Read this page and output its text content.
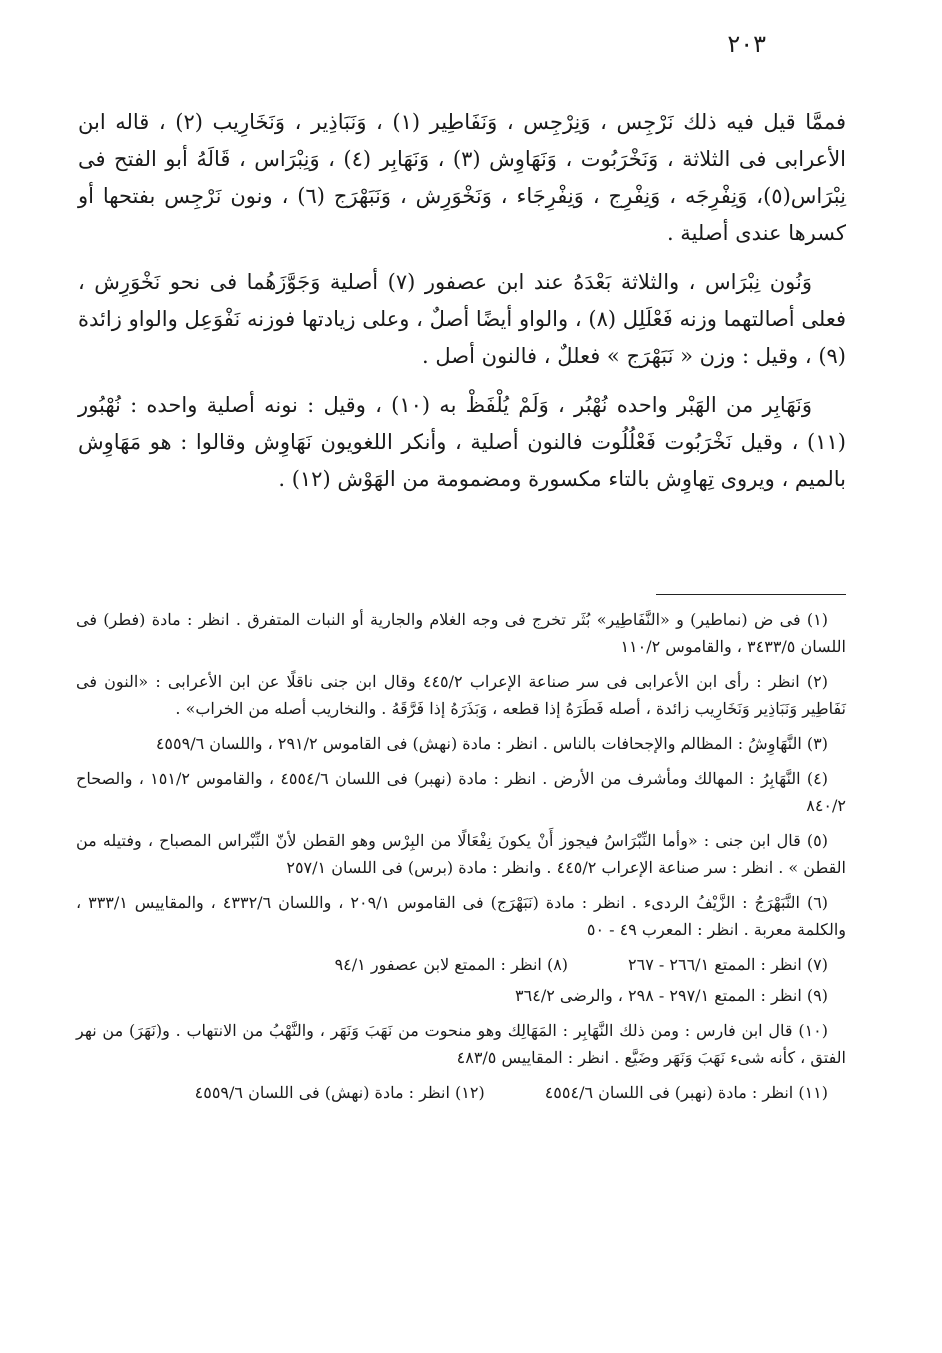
٢٠٣

فممَّا قيل فيه ذلك نَرْجِس ، وَنِرْجِس ، وَنَفَاطِير (١) ، وَنَبَاذِير ، وَنَخَارِيب (٢) ، قاله ابن الأعرابى فى الثلاثة ، وَنَخْرَبُوت ، وَنَهَاوِش (٣) ، وَنَهَابِر (٤) ، وَنِبْرَاس ، قَالَهُ أبو الفتح فى نِبْرَاس(٥)، وَنِفْرِجَه ، وَنِفْرِج ، وَنِفْرِجَاء ، وَنَخْوَرِش ، وَنَبَهْرَج (٦) ، ونون نَرْجِس بفتحها أو كسرها عندى أصلية .

وَنُون نِبْرَاس ، والثلاثة بَعْدَهُ عند ابن عصفور (٧) أصلية وَجَوَّزَهُما فى نحو نَخْوَرِش ، فعلى أصالتهما وزنه فَعْلَلِل (٨) ، والواو أيضًا أصلٌ ، وعلى زيادتها فوزنه نَفْوَعِل والواو زائدة (٩) ، وقيل : وزن « نَبَهْرَج » فعللٌ ، فالنون أصل .

وَنَهَابِر من الهَبْر واحده نُهْبُر ، وَلَمْ يُلْفَظْ به (١٠) ، وقيل : نونه أصلية واحده : نُهْبُور (١١) ، وقيل نَخْرَبُوت فَعْلُلُوت فالنون أصلية ، وأنكر اللغويون نَهَاوِش وقالوا : هو مَهَاوِش بالميم ، ويروى تِهاوِش بالتاء مكسورة ومضمومة من الهَوْش (١٢) .

(١) فى ض (نماطير) و «النَّفَاطِير» بُثَر تخرج فى وجه الغلام والجارية أو النبات المتفرق . انظر : مادة (فطر) فى اللسان ٣٤٣٣/٥ ، والقاموس ١١٠/٢

(٢) انظر : رأى ابن الأعرابى فى سر صناعة الإعراب ٤٤٥/٢ وقال ابن جنى ناقلًا عن ابن الأعرابى : «النون فى نَفَاطِير وَنَبَاذِير وَنَخَارِيب زائدة ، أصله فَطَرَهُ إذا قطعه ، وَبَذَرَهُ إذا فَرَّقَهُ . والنخاريب أصله من الخراب» .

(٣) النَّهَاوِشُ : المظالم والإجحافات بالناس . انظر : مادة (نهش) فى القاموس ٢٩١/٢ ، واللسان ٤٥٥٩/٦

(٤) النَّهَابِرُ : المهالك ومأشرف من الأرض . انظر : مادة (نهبر) فى اللسان ٤٥٥٤/٦ ، والقاموس ١٥١/٢ ، والصحاح ٨٤٠/٢

(٥) قال ابن جنى : «وأما النِّبْرَاسُ فيجوز أَنْ يكونَ نِفْعَالًا من البِرْس وهو القطن لأنّ النِّبْراس المصباح ، وفتيله من القطن » . انظر : سر صناعة الإعراب ٤٤٥/٢ . وانظر : مادة (برس) فى اللسان ٢٥٧/١

(٦) النَّبَهْرَجُ : الزَّيْفُ الردىء . انظر : مادة (نَبَهْرَج) فى القاموس ٢٠٩/١ ، واللسان ٤٣٣٢/٦ ، والمقاييس ٣٣٣/١ ، والكلمة معربة . انظر : المعرب ٤٩ - ٥٠

(٧) انظر : الممتع ٢٦٦/١ - ٢٦٧
(٨) انظر : الممتع لابن عصفور ٩٤/١

(٩) انظر : الممتع ٢٩٧/١ - ٢٩٨ ، والرضى ٣٦٤/٢

(١٠) قال ابن فارس : ومن ذلك النَّهَابِر : المَهَالِك وهو منحوت من نَهَبَ وَنَهَر ، والنَّهْبُ من الانتهاب . و(نَهَرَ) من نهر الفتق ، كأنه شىء نَهَبَ وَنَهَر وضَيَّع . انظر : المقاييس ٤٨٣/٥

(١١) انظر : مادة (نهبر) فى اللسان ٤٥٥٤/٦
(١٢) انظر : مادة (نهش) فى اللسان ٤٥٥٩/٦
